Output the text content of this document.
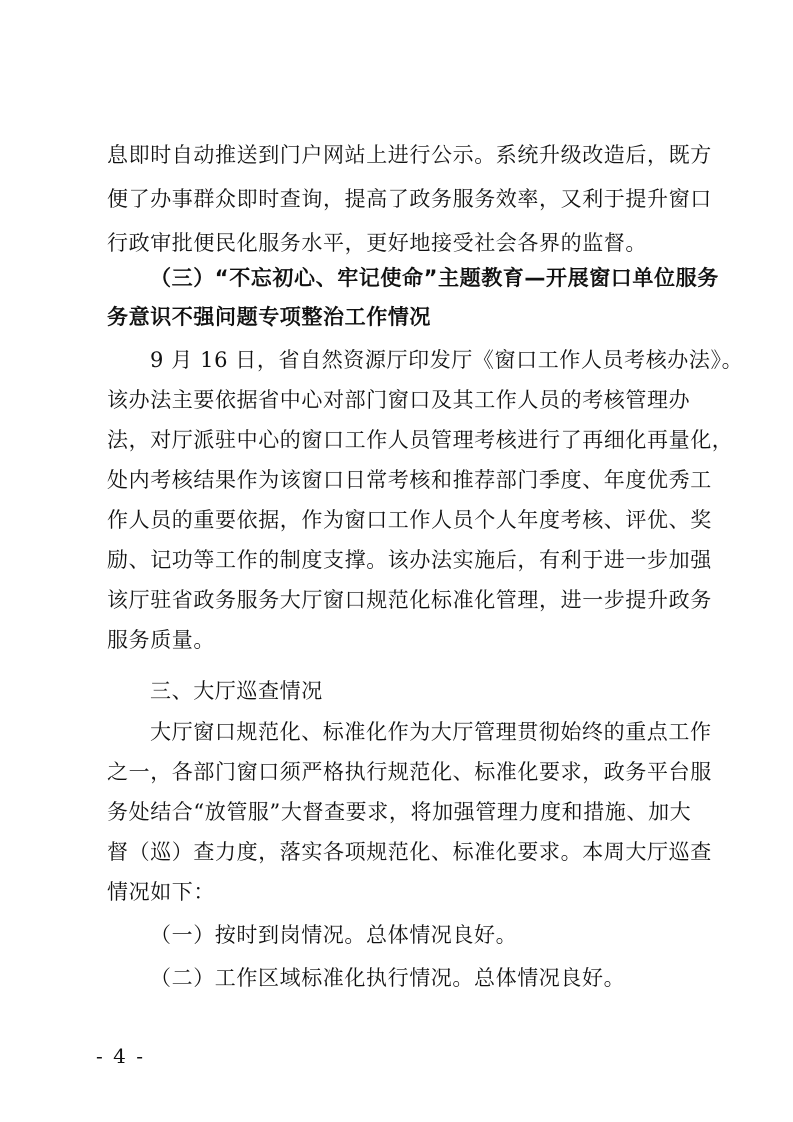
息即时自动推送到门户网站上进行公示。系统升级改造后，既方
便了办事群众即时查询，提高了政务服务效率，又利于提升窗口
行政审批便民化服务水平，更好地接受社会各界的监督。
（三）“不忘初心、牢记使命”主题教育—开展窗口单位服务
务意识不强问题专项整治工作情况
9 月 16 日，省自然资源厅印发厅《窗口工作人员考核办法》。
该办法主要依据省中心对部门窗口及其工作人员的考核管理办
法，对厅派驻中心的窗口工作人员管理考核进行了再细化再量化，
处内考核结果作为该窗口日常考核和推荐部门季度、年度优秀工
作人员的重要依据，作为窗口工作人员个人年度考核、评优、奖
励、记功等工作的制度支撑。该办法实施后，有利于进一步加强
该厅驻省政务服务大厅窗口规范化标准化管理，进一步提升政务
服务质量。
三、大厅巡查情况
大厅窗口规范化、标准化作为大厅管理贯彻始终的重点工作
之一，各部门窗口须严格执行规范化、标准化要求，政务平台服
务处结合“放管服”大督查要求，将加强管理力度和措施、加大
督（巡）查力度，落实各项规范化、标准化要求。本周大厅巡查
情况如下：
（一）按时到岗情况。总体情况良好。
（二）工作区域标准化执行情况。总体情况良好。
- 4 -
